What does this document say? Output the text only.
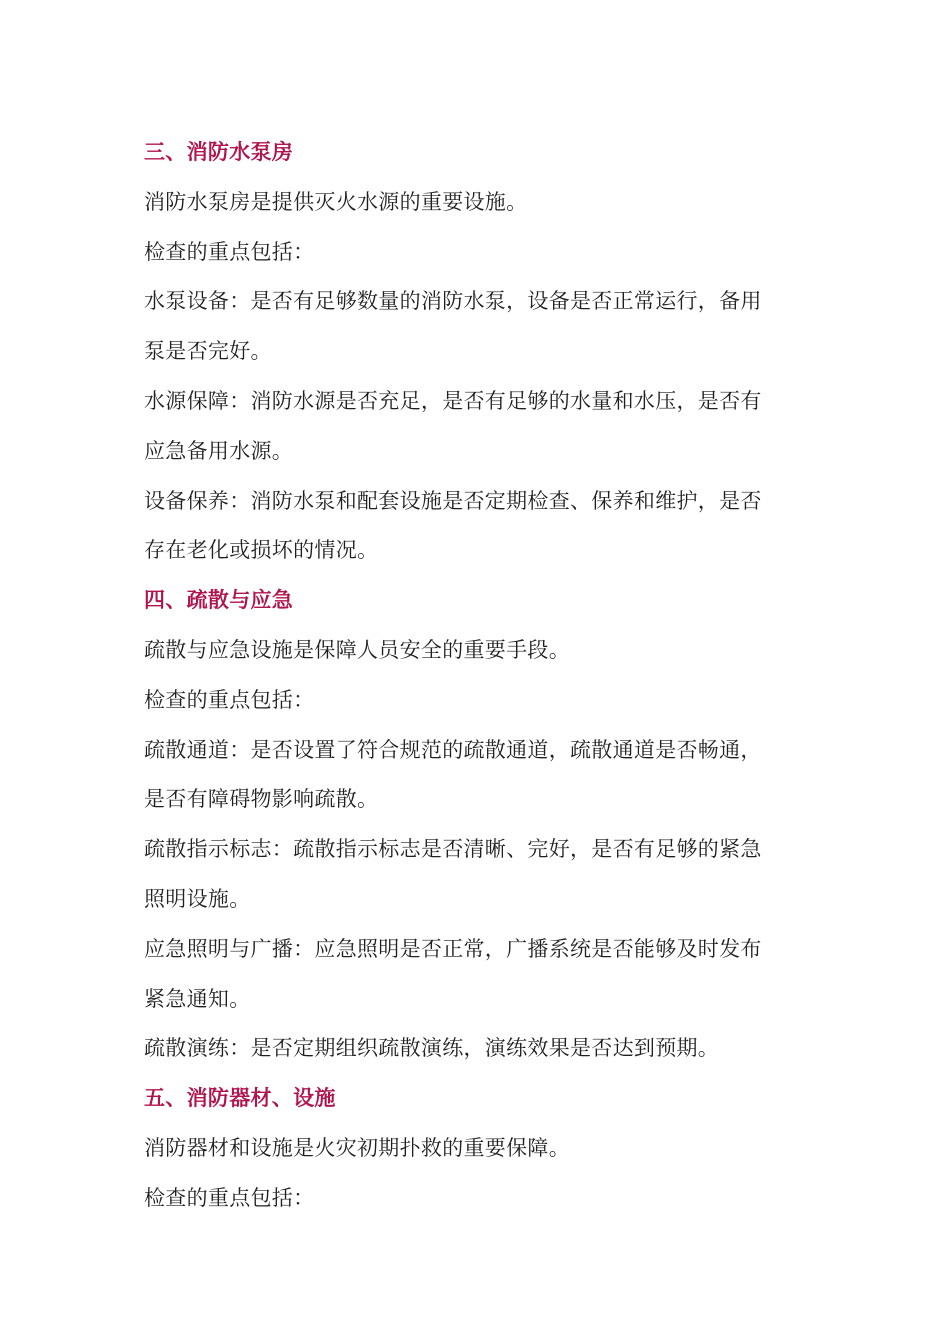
三、消防水泵房
消防水泵房是提供灭火水源的重要设施。
检查的重点包括：
水泵设备：是否有足够数量的消防水泵，设备是否正常运行，备用
泵是否完好。
水源保障：消防水源是否充足，是否有足够的水量和水压，是否有
应急备用水源。
设备保养：消防水泵和配套设施是否定期检查、保养和维护，是否
存在老化或损坏的情况。
四、疏散与应急
疏散与应急设施是保障人员安全的重要手段。
检查的重点包括：
疏散通道：是否设置了符合规范的疏散通道，疏散通道是否畅通，
是否有障碍物影响疏散。
疏散指示标志：疏散指示标志是否清晰、完好，是否有足够的紧急
照明设施。
应急照明与广播：应急照明是否正常，广播系统是否能够及时发布
紧急通知。
疏散演练：是否定期组织疏散演练，演练效果是否达到预期。
五、消防器材、设施
消防器材和设施是火灾初期扑救的重要保障。
检查的重点包括：
